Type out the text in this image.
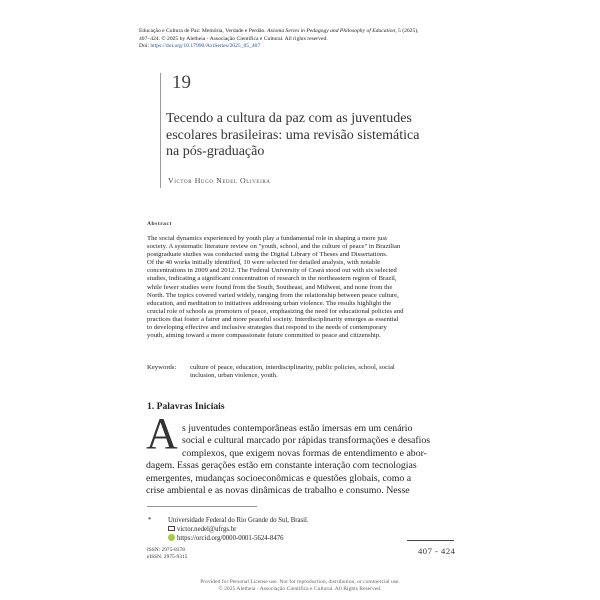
Educação e Cultura de Paz: Memória, Verdade e Perdão. Axioma Series in Pedagogy and Philosophy of Education, 5 (2025),
407–424. © 2025 by Aletheia - Associação Científica e Cultural. All rights reserved.
Doi: https://doi.org/10.17990/AxiSeries/2025_05_407
19
Tecendo a cultura da paz com as juventudes
escolares brasileiras: uma revisão sistemática
na pós-graduação
Victor Hugo Nedel Oliveira
Abstract
The social dynamics experienced by youth play a fundamental role in shaping a more just
society. A systematic literature review on "youth, school, and the culture of peace" in Brazilian
postgraduate studies was conducted using the Digital Library of Theses and Dissertations.
Of the 40 works initially identified, 10 were selected for detailed analysis, with notable
concentrations in 2009 and 2012. The Federal University of Ceará stood out with six selected
studies, indicating a significant concentration of research in the northeastern region of Brazil,
while fewer studies were found from the South, Southeast, and Midwest, and none from the
North. The topics covered varied widely, ranging from the relationship between peace culture,
education, and meditation to initiatives addressing urban violence. The results highlight the
crucial role of schools as promoters of peace, emphasizing the need for educational policies and
practices that foster a fairer and more peaceful society. Interdisciplinarity emerges as essential
to developing effective and inclusive strategies that respond to the needs of contemporary
youth, aiming toward a more compassionate future committed to peace and citizenship.
Keywords: culture of peace, education, interdisciplinarity, public policies, school, social
inclusion, urban violence, youth.
1. Palavras Iniciais
A s juventudes contemporâneas estão imersas em um cenário
social e cultural marcado por rápidas transformações e desafios
complexos, que exigem novas formas de entendimento e abor-
dagem. Essas gerações estão em constante interação com tecnologias
emergentes, mudanças socioeconômicas e questões globais, como a
crise ambiental e as novas dinâmicas de trabalho e consumo. Nesse
* Universidade Federal do Rio Grande do Sul, Brasil.
victor.nedel@ufrgs.br
https://orcid.org/0000-0001-5624-8476
ISSN: 2975-8378
eISSN: 2975-9315
407 - 424
Provided for Personal License use. Not for reproduction, distribution, or commercial use.
© 2025 Aletheia - Associação Científica e Cultural. All Rights Reserved.
